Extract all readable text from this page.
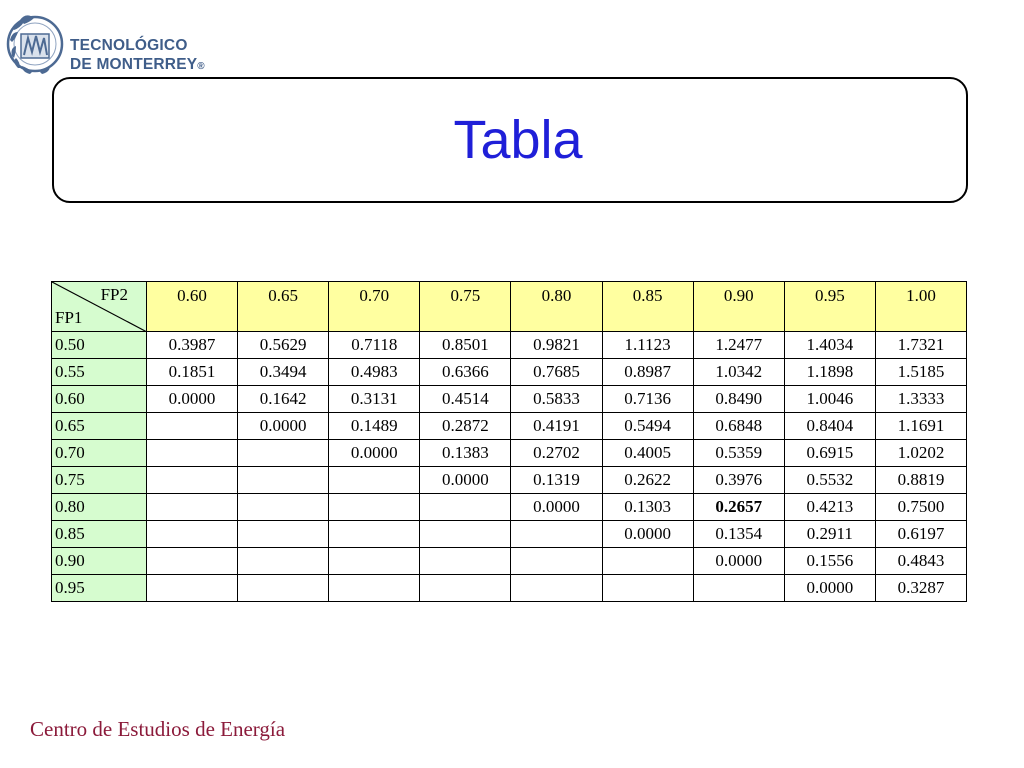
TECNOLÓGICO
DE MONTERREY®
Tabla
FP2
FP1	0.60	0.65	0.70	0.75	0.80	0.85	0.90	0.95	1.00
0.50	0.3987	0.5629	0.7118	0.8501	0.9821	1.1123	1.2477	1.4034	1.7321
0.55	0.1851	0.3494	0.4983	0.6366	0.7685	0.8987	1.0342	1.1898	1.5185
0.60	0.0000	0.1642	0.3131	0.4514	0.5833	0.7136	0.8490	1.0046	1.3333
0.65		0.0000	0.1489	0.2872	0.4191	0.5494	0.6848	0.8404	1.1691
0.70			0.0000	0.1383	0.2702	0.4005	0.5359	0.6915	1.0202
0.75				0.0000	0.1319	0.2622	0.3976	0.5532	0.8819
0.80					0.0000	0.1303	0.2657	0.4213	0.7500
0.85						0.0000	0.1354	0.2911	0.6197
0.90							0.0000	0.1556	0.4843
0.95								0.0000	0.3287
Centro de Estudios de Energía
